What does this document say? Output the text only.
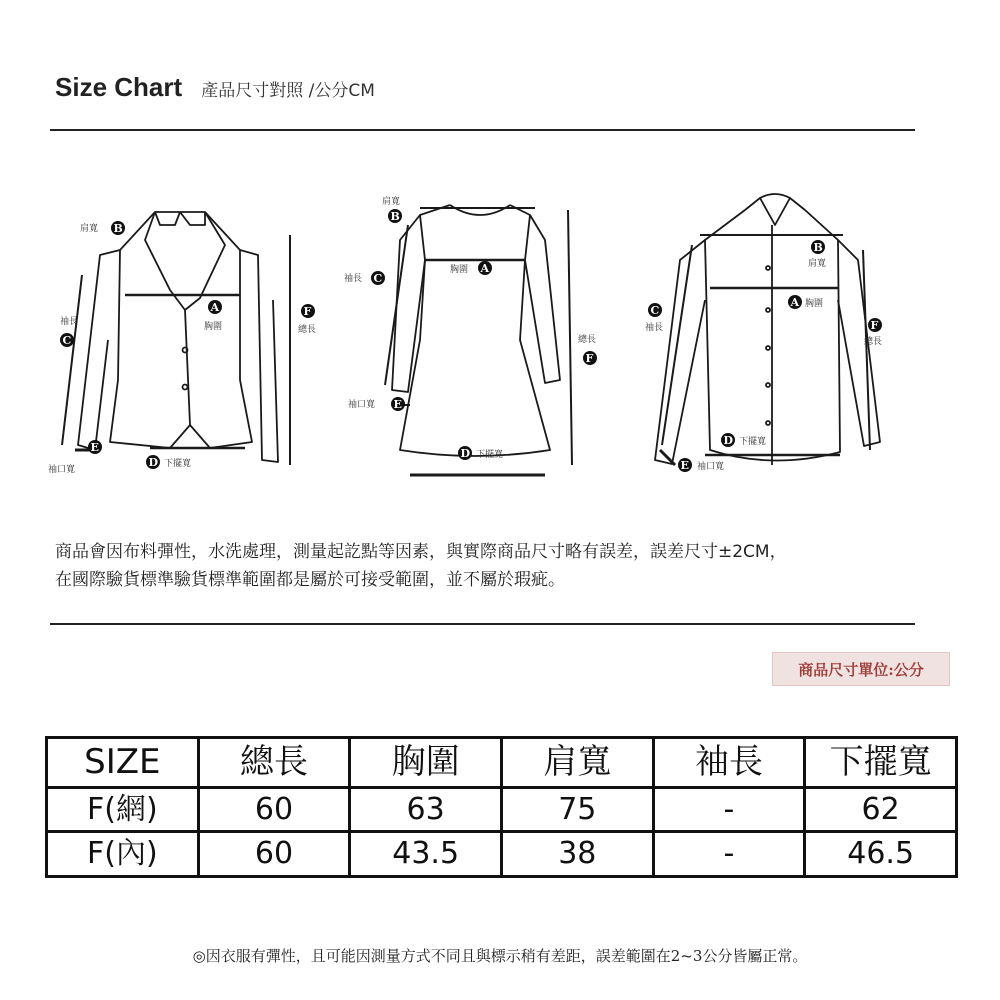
Size Chart 產品尺寸對照 /公分CM
B
肩寬
C
袖長
A
胸圍
F
總長
E
袖口寬
D 下擺寬
B
肩寬
C
袖長
A
胸圍
F
總長
E
袖口寬
D 下擺寬
B
肩寬
A 胸圍
C
袖長	F
總長
D 下擺寬
E 袖口寬
商品會因布料彈性，水洗處理，測量起訖點等因素，與實際商品尺寸略有誤差，誤差尺寸±2CM，
在國際驗貨標準驗貨標準範圍都是屬於可接受範圍，並不屬於瑕疵。
商品尺寸單位:公分
SIZE	總長	胸圍	肩寬	袖長	下擺寬
F(網)	60	63	75	-	62
F(內)	60	43.5	38	-	46.5
◎因衣服有彈性，且可能因測量方式不同且與標示稍有差距，誤差範圍在2~3公分皆屬正常。
